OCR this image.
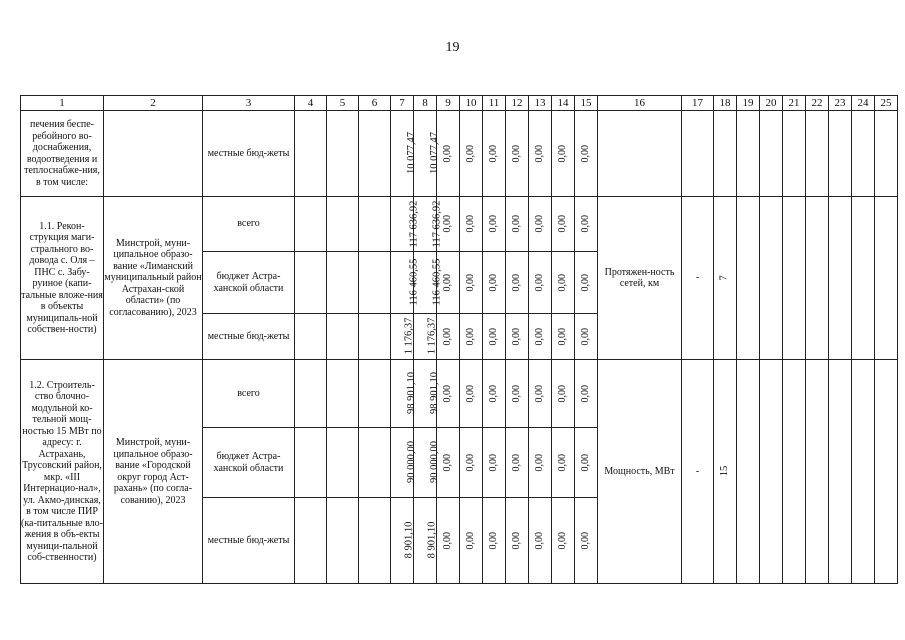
19
1	2	3	4	5	6	7	8	9	10	11	12	13	14	15	16	17	18	19	20	21	22	23	24	25
печения беспе-ребойного во-доснабжения, водоотведения и теплоснабже-ния, в том числе:		местные бюд-жеты				10 077,47	10 077,47	0,00	0,00	0,00	0,00	0,00	0,00	0,00										
1.1. Рекон-струкция маги-стрального во-довода с. Оля – ПНС с. Забу-руиное (капи-тальные вложе-ния в объекты муниципаль-ной собствен-ности)	Минстрой, муни-ципальное образо-вание «Лиманский муниципальный район Астрахан-ской области» (по согласованию), 2023	всего				117 636,92	117 636,92	0,00	0,00	0,00	0,00	0,00	0,00	0,00	Протяжен-ность сетей, км	-	7							
		бюджет Астра-ханской области				116 460,55	116 460,55	0,00	0,00	0,00	0,00	0,00	0,00	0,00										
		местные бюд-жеты				1 176,37	1 176,37	0,00	0,00	0,00	0,00	0,00	0,00	0,00										
1.2. Строитель-ство блочно-модульной ко-тельной мощ-ностью 15 МВт по адресу: г. Астрахань, Трусовский район, мкр. «III Интернацио-нал», ул. Акмо-динская, в том числе ПИР (ка-питальные вло-жения в объ-екты муници-пальной соб-ственности)	Минстрой, муни-ципальное образо-вание «Городской округ город Аст-рахань» (по согла-сованию), 2023	всего				98 901,10	98 901,10	0,00	0,00	0,00	0,00	0,00	0,00	0,00	Мощность, МВт	-	15							
		бюджет Астра-ханской области				90 000,00	90 000,00	0,00	0,00	0,00	0,00	0,00	0,00	0,00										
		местные бюд-жеты				8 901,10	8 901,10	0,00	0,00	0,00	0,00	0,00	0,00	0,00										
